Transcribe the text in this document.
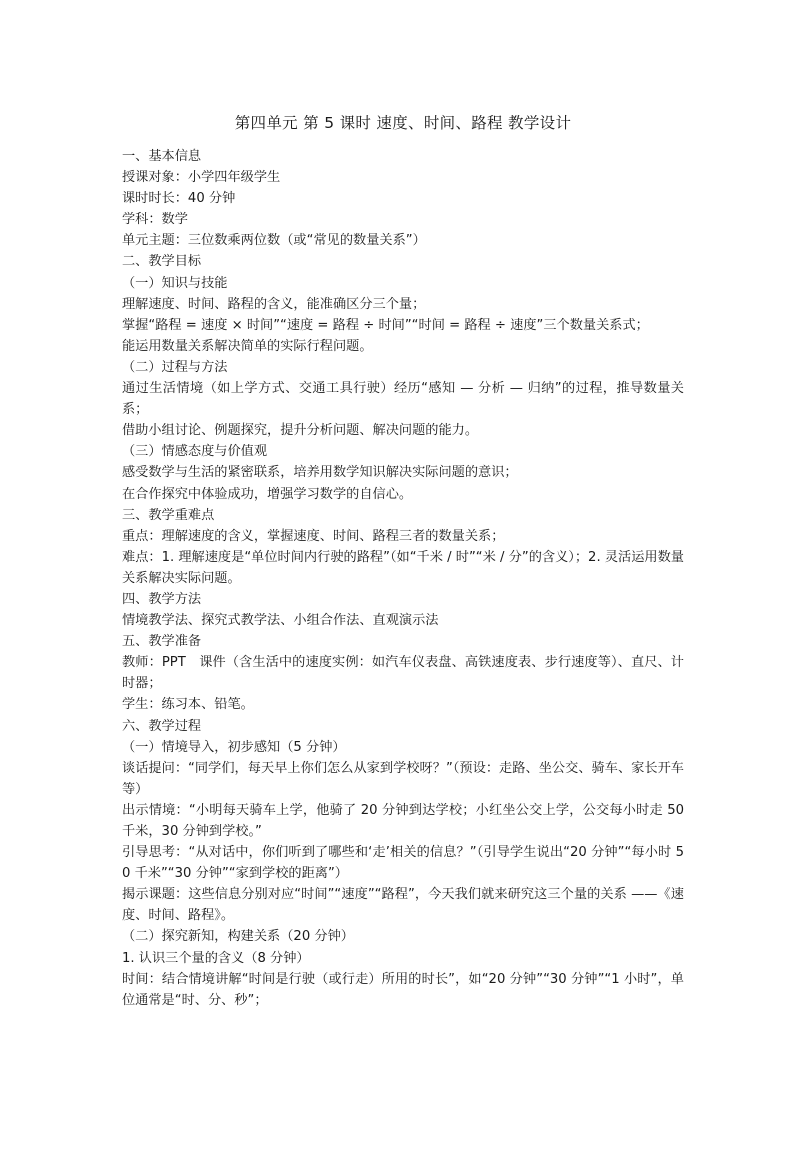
第四单元 第 5 课时 速度、时间、路程 教学设计
一、基本信息
授课对象：小学四年级学生
课时时长：40 分钟
学科：数学
单元主题：三位数乘两位数（或“常见的数量关系”）
二、教学目标
（一）知识与技能
理解速度、时间、路程的含义，能准确区分三个量；
掌握“路程 = 速度 × 时间”“速度 = 路程 ÷ 时间”“时间 = 路程 ÷ 速度”三个数量关系式；
能运用数量关系解决简单的实际行程问题。
（二）过程与方法
通过生活情境（如上学方式、交通工具行驶）经历“感知 — 分析 — 归纳”的过程，推导数量关系；
借助小组讨论、例题探究，提升分析问题、解决问题的能力。
（三）情感态度与价值观
感受数学与生活的紧密联系，培养用数学知识解决实际问题的意识；
在合作探究中体验成功，增强学习数学的自信心。
三、教学重难点
重点：理解速度的含义，掌握速度、时间、路程三者的数量关系；
难点：1. 理解速度是“单位时间内行驶的路程”（如“千米 / 时”“米 / 分”的含义）；2. 灵活运用数量关系解决实际问题。
四、教学方法
情境教学法、探究式教学法、小组合作法、直观演示法
五、教学准备
教师：PPT　课件（含生活中的速度实例：如汽车仪表盘、高铁速度表、步行速度等）、直尺、计时器；
学生：练习本、铅笔。
六、教学过程
（一）情境导入，初步感知（5 分钟）
谈话提问：“同学们，每天早上你们怎么从家到学校呀？”（预设：走路、坐公交、骑车、家长开车等）
出示情境：“小明每天骑车上学，他骑了 20 分钟到达学校；小红坐公交上学，公交每小时走 50 千米，30 分钟到学校。”
引导思考：“从对话中，你们听到了哪些和‘走’相关的信息？”（引导学生说出“20 分钟”“每小时 50 千米”“30 分钟”“家到学校的距离”）
揭示课题：这些信息分别对应“时间”“速度”“路程”，今天我们就来研究这三个量的关系 ——《速度、时间、路程》。
（二）探究新知，构建关系（20 分钟）
1. 认识三个量的含义（8 分钟）
时间：结合情境讲解“时间是行驶（或行走）所用的时长”，如“20 分钟”“30 分钟”“1 小时”，单位通常是“时、分、秒”；
